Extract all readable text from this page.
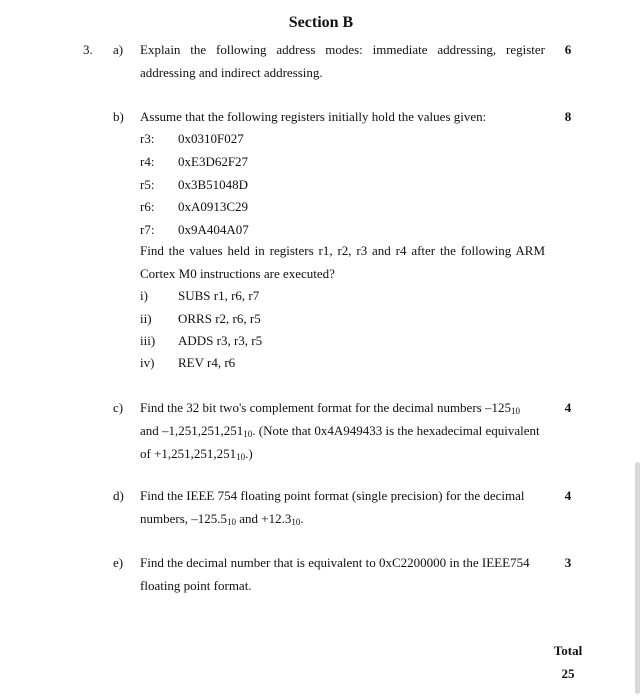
Section B
3. a) Explain the following address modes: immediate addressing, register addressing and indirect addressing.
6
b) Assume that the following registers initially hold the values given:	8
r3: 0x0310F027
r4: 0xE3D62F27
r5: 0x3B51048D
r6: 0xA0913C29
r7: 0x9A404A07
Find the values held in registers r1, r2, r3 and r4 after the following ARM Cortex M0 instructions are executed?
i) SUBS r1, r6, r7
ii) ORRS r2, r6, r5
iii) ADDS r3, r3, r5
iv) REV r4, r6
c) Find the 32 bit two's complement format for the decimal numbers $-125_{10}$ and $-1,251,251,251_{10}$. (Note that 0x4A949433 is the hexadecimal equivalent of $+1,251,251,251_{10}$.)
4
d) Find the IEEE 754 floating point format (single precision) for the decimal numbers, $-125.5_{10}$ and $+12.3_{10}$.
4
e) Find the decimal number that is equivalent to 0xC2200000 in the IEEE754 floating point format.
3
Total
25
